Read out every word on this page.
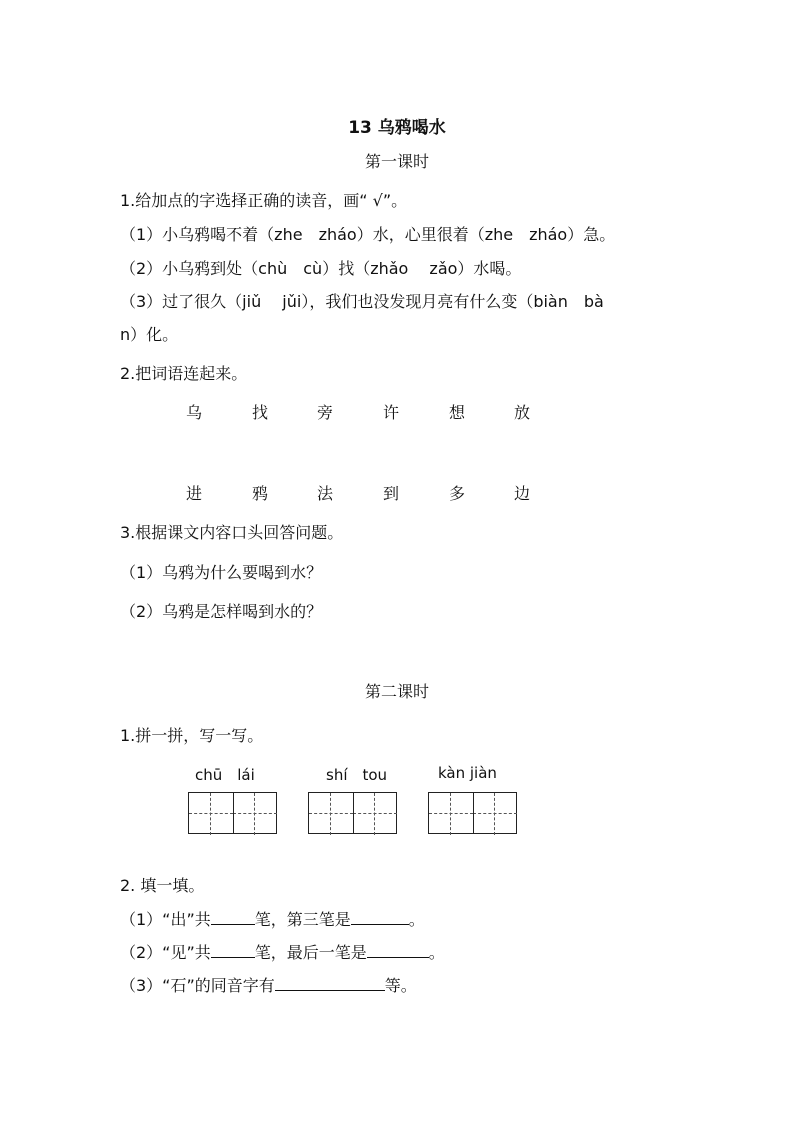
13 乌鸦喝水
第一课时
1.给加点的字选择正确的读音，画“ √”。
（1）小乌鸦喝不着（zhe　zháo）水，心里很着（zhe　zháo）急。
（2）小乌鸦到处（chù　cù）找（zhǎo　 zǎo）水喝。
（3）过了很久（jiǔ　 jǔi），我们也没发现月亮有什么变（biàn　bà
n）化。
2.把词语连起来。
乌	找	旁	许	想	放
进	鸦	法	到	多	边
3.根据课文内容口头回答问题。
（1）乌鸦为什么要喝到水？
（2）乌鸦是怎样喝到水的？
第二课时
1.拼一拼，写一写。
chū　lái	shí　tou	kàn jiàn
2. 填一填。
（1）“出”共	笔，第三笔是	。
（2）“见”共	笔，最后一笔是	。
（3）“石”的同音字有	等。
